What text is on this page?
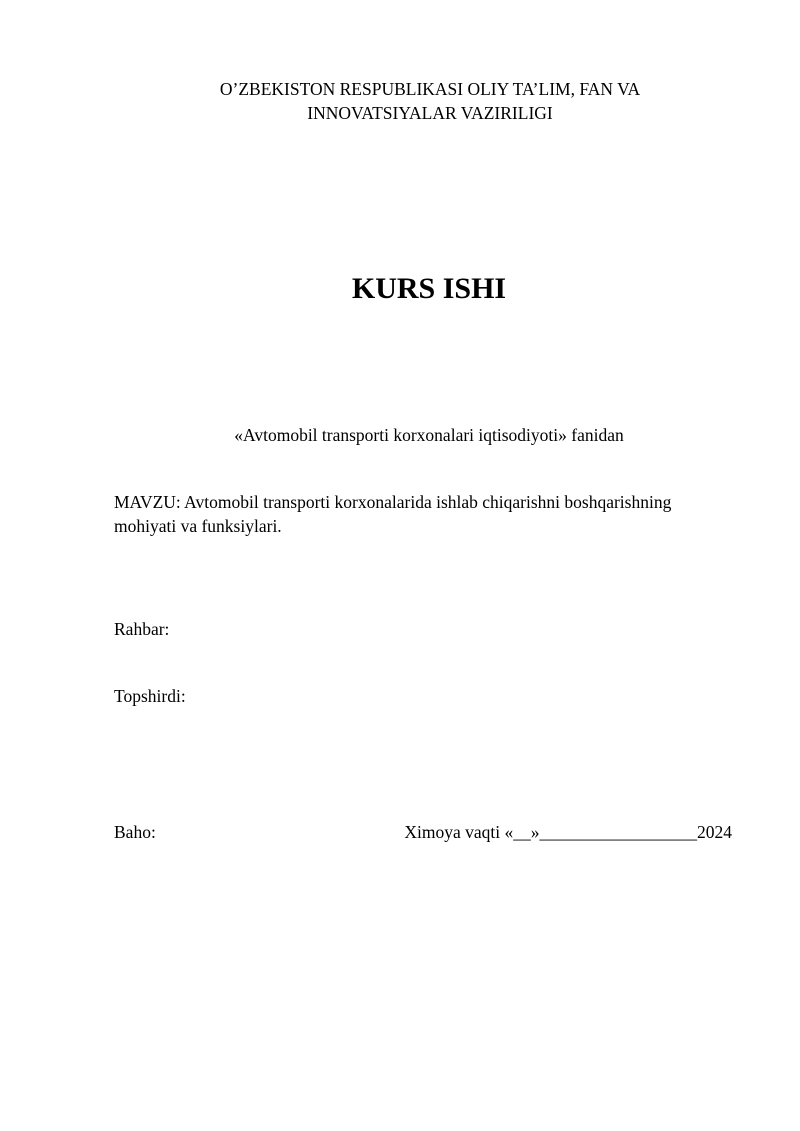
O’ZBEKISTON RESPUBLIKASI OLIY TA’LIM, FAN VA
INNOVATSIYALAR VAZIRILIGI
KURS ISHI
«Avtomobil transporti korxonalari iqtisodiyoti» fanidan
MAVZU: Avtomobil transporti korxonalarida ishlab chiqarishni boshqarishning
mohiyati va funksiylari.
Rahbar:
Topshirdi:
Baho:	Ximoya vaqti «__»__________________2024
